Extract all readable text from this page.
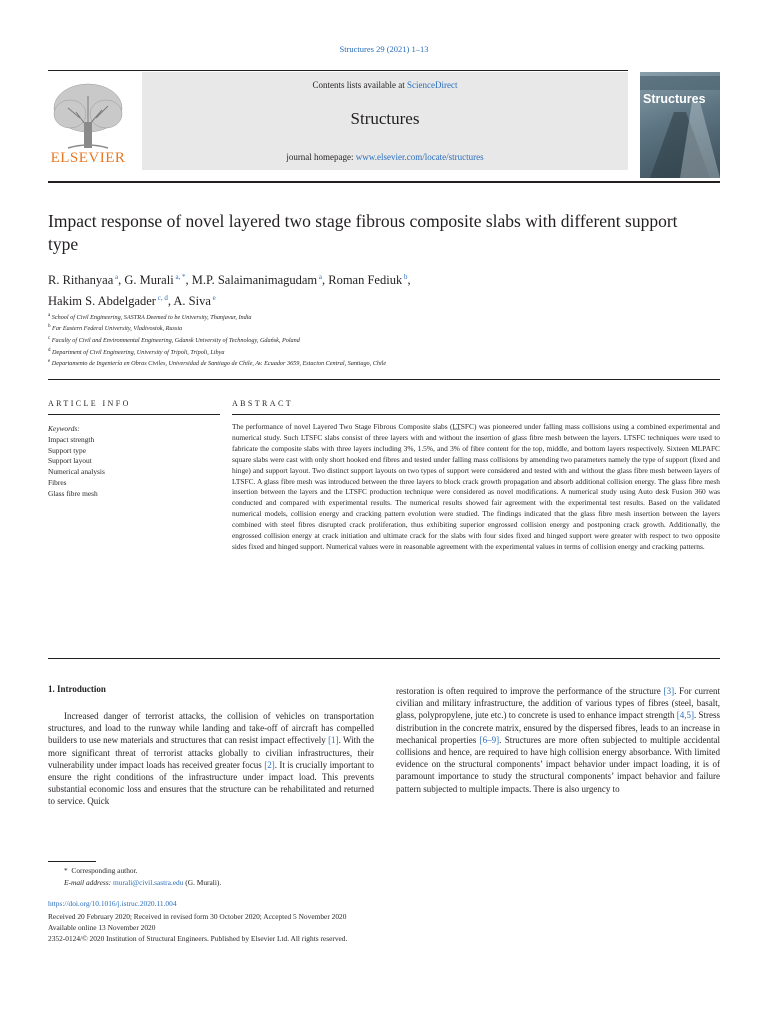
Structures 29 (2021) 1–13
ELSEVIER
Contents lists available at ScienceDirect
Structures
journal homepage: www.elsevier.com/locate/structures
Structures
Impact response of novel layered two stage fibrous composite slabs with different support type
R. Rithanyaa $^a$, G. Murali $^{a, *}$, M.P. Salaimanimagudam $^a$, Roman Fediuk $^b$,
Hakim S. Abdelgader $^{c, d}$, A. Siva $^e$
$^a$ School of Civil Engineering, SASTRA Deemed to be University, Thanjavur, India
$^b$ Far Eastern Federal University, Vladivostok, Russia
$^c$ Faculty of Civil and Environmental Engineering, Gdansk University of Technology, Gdańsk, Poland
$^d$ Department of Civil Engineering, University of Tripoli, Tripoli, Libya
$^e$ Departamento de Ingeniería en Obras Civiles, Universidad de Santiago de Chile, Av. Ecuador 3659, Estacion Central, Santiago, Chile
ARTICLE INFO	ABSTRACT
Keywords:
Impact strength
Support type
Support layout
Numerical analysis
Fibres
Glass fibre mesh
The performance of novel Layered Two Stage Fibrous Composite slabs (L̲T̲SFC) was pioneered under falling mass collisions using a combined experimental and numerical study. Such LTSFC slabs consist of three layers with and without the insertion of glass fibre mesh between the layers. LTSFC techniques were used to fabricate the composite slabs with three layers including 3%, 1.5%, and 3% of fibre content for the top, middle, and bottom layers respectively. Sixteen MLPAFC square slabs were cast with only short hooked end fibres and tested under falling mass collisions by amending two parameters namely the type of support (fixed and hinge) and support layout. Two distinct support layouts on two types of support were considered and tested with and without the glass fibre mesh between layers of LTSFC. A glass fibre mesh was introduced between the three layers to block crack growth propagation and absorb additional collision energy. The glass fibre mesh insertion between the layers and the LTSFC production technique were considered as novel modifications. A numerical study using Auto desk Fusion 360 was conducted and compared with experimental results. The numerical results showed fair agreement with the experimental test results. Based on the validated numerical models, collision energy and cracking pattern evolution were studied. The findings indicated that the glass fibre mesh insertion between the layers combined with steel fibres disrupted crack proliferation, thus exhibiting superior engrossed collision energy and postponing crack growth. Additionally, the engrossed collision energy at crack initiation and ultimate crack for the slabs with four sides fixed and hinged support were greater with respect to two opposite sides fixed and hinged support. Numerical values were in reasonable agreement with the experimental values in terms of collision energy and cracking patterns.
1. Introduction
Increased danger of terrorist attacks, the collision of vehicles on transportation structures, and load to the runway while landing and take-off of aircraft has compelled builders to use new materials and structures that can resist impact effectively [1]. With the more significant threat of terrorist attacks globally to civilian infrastructures, their vulnerability under impact loads has received greater focus [2]. It is crucially important to ensure the right conditions of the infrastructure under impact load. This prevents substantial economic loss and ensures that the structure can be rehabilitated and returned to service. Quick
restoration is often required to improve the performance of the structure [3]. For current civilian and military infrastructure, the addition of various types of fibres (steel, basalt, glass, polypropylene, jute etc.) to concrete is used to enhance impact strength [4,5]. Stress distribution in the concrete matrix, ensured by the dispersed fibres, leads to an increase in mechanical properties [6–9]. Structures are more often subjected to multiple accidental collisions and hence, are required to have high collision energy absorbance. With limited evidence on the structural components’ impact behavior under impact loading, it is of paramount importance to study the structural components’ impact behavior and failure pattern subjected to multiple impacts. There is also urgency to
* Corresponding author.
E-mail address: murali@civil.sastra.edu (G. Murali).
https://doi.org/10.1016/j.istruc.2020.11.004
Received 20 February 2020; Received in revised form 30 October 2020; Accepted 5 November 2020
Available online 13 November 2020
2352-0124/© 2020 Institution of Structural Engineers. Published by Elsevier Ltd. All rights reserved.
